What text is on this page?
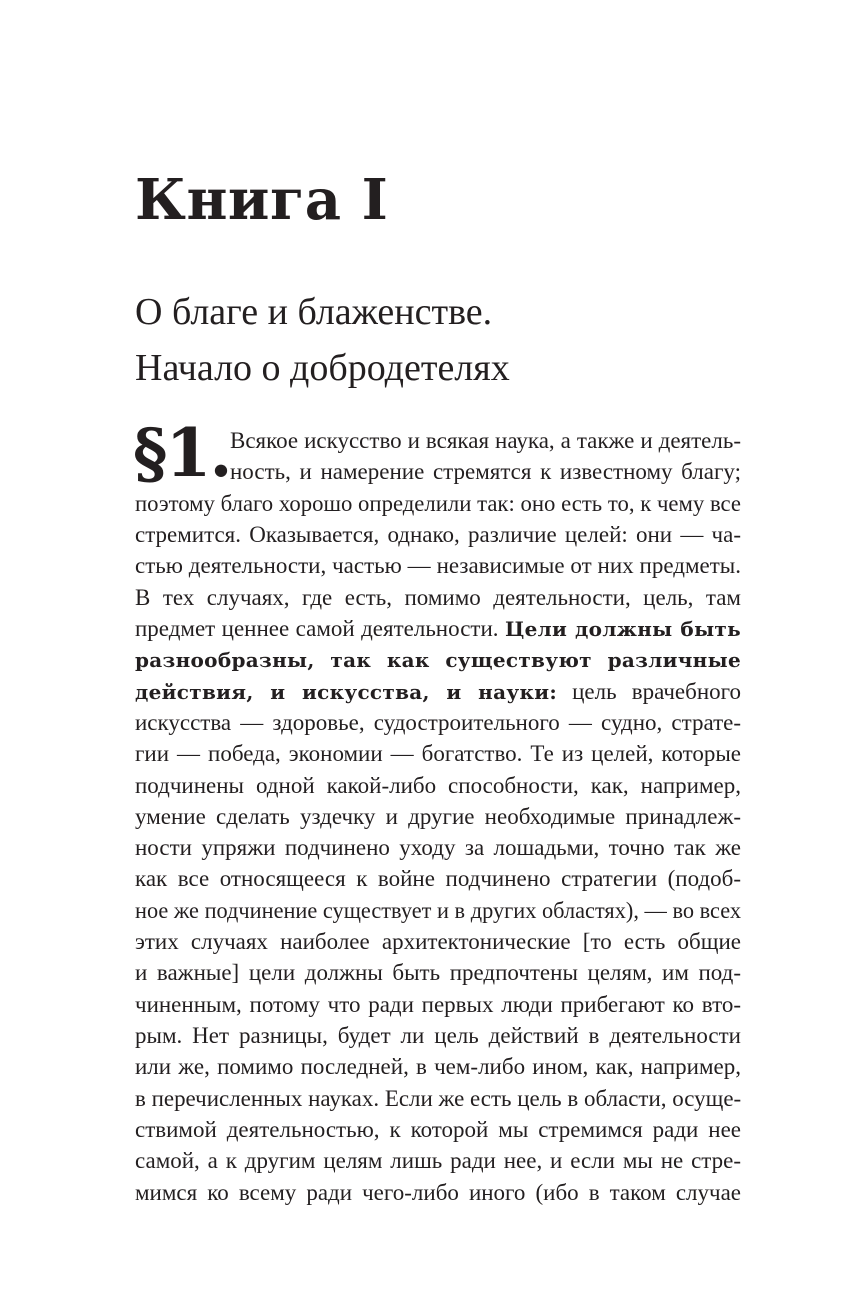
Книга I
О благе и блаженстве.
Начало о добродетелях
§1. Всякое искусство и всякая наука, а также и деятель-
ность, и намерение стремятся к известному благу;
поэтому благо хорошо определили так: оно есть то, к чему все
стремится. Оказывается, однако, различие целей: они — ча-
стью деятельности, частью — независимые от них предметы.
В тех случаях, где есть, помимо деятельности, цель, там
предмет ценнее самой деятельности. Цели должны быть
разнообразны, так как существуют различные
действия, и искусства, и науки: цель врачебного
искусства — здоровье, судостроительного — судно, страте-
гии — победа, экономии — богатство. Те из целей, которые
подчинены одной какой-либо способности, как, например,
умение сделать уздечку и другие необходимые принадлеж-
ности упряжи подчинено уходу за лошадьми, точно так же
как все относящееся к войне подчинено стратегии (подоб-
ное же подчинение существует и в других областях), — во всех
этих случаях наиболее архитектонические [то есть общие
и важные] цели должны быть предпочтены целям, им под-
чиненным, потому что ради первых люди прибегают ко вто-
рым. Нет разницы, будет ли цель действий в деятельности
или же, помимо последней, в чем-либо ином, как, например,
в перечисленных науках. Если же есть цель в области, осуще-
ствимой деятельностью, к которой мы стремимся ради нее
самой, а к другим целям лишь ради нее, и если мы не стре-
мимся ко всему ради чего-либо иного (ибо в таком случае
